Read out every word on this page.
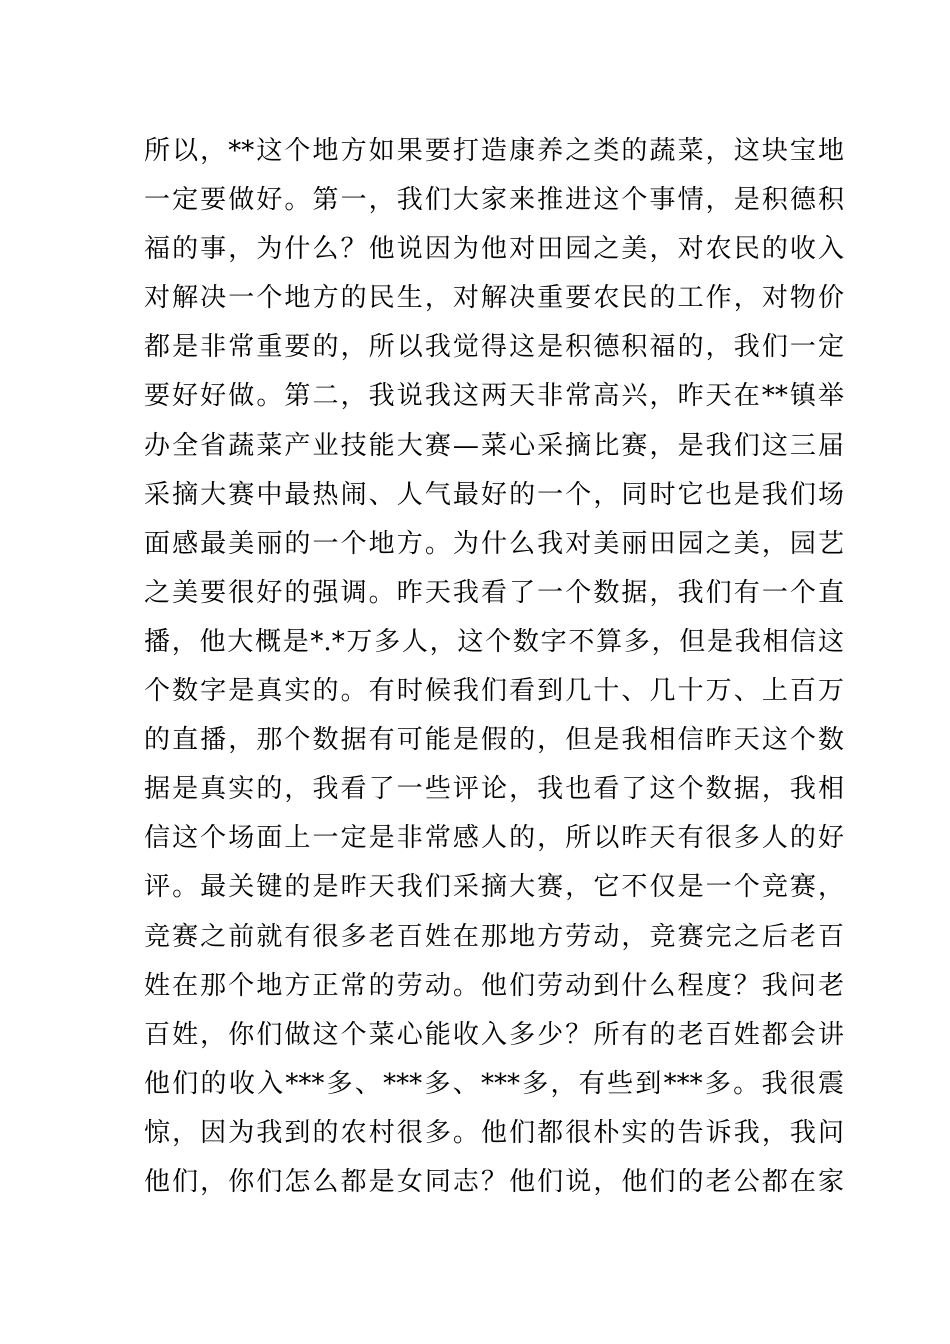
所以，**这个地方如果要打造康养之类的蔬菜，这块宝地
一定要做好。第一，我们大家来推进这个事情，是积德积
福的事，为什么？他说因为他对田园之美，对农民的收入
对解决一个地方的民生，对解决重要农民的工作，对物价
都是非常重要的，所以我觉得这是积德积福的，我们一定
要好好做。第二，我说我这两天非常高兴，昨天在**镇举
办全省蔬菜产业技能大赛—菜心采摘比赛，是我们这三届
采摘大赛中最热闹、人气最好的一个，同时它也是我们场
面感最美丽的一个地方。为什么我对美丽田园之美，园艺
之美要很好的强调。昨天我看了一个数据，我们有一个直
播，他大概是*.*万多人，这个数字不算多，但是我相信这
个数字是真实的。有时候我们看到几十、几十万、上百万
的直播，那个数据有可能是假的，但是我相信昨天这个数
据是真实的，我看了一些评论，我也看了这个数据，我相
信这个场面上一定是非常感人的，所以昨天有很多人的好
评。最关键的是昨天我们采摘大赛，它不仅是一个竞赛，
竞赛之前就有很多老百姓在那地方劳动，竞赛完之后老百
姓在那个地方正常的劳动。他们劳动到什么程度？我问老
百姓，你们做这个菜心能收入多少？所有的老百姓都会讲
他们的收入***多、***多、***多，有些到***多。我很震
惊，因为我到的农村很多。他们都很朴实的告诉我，我问
他们，你们怎么都是女同志？他们说，他们的老公都在家
